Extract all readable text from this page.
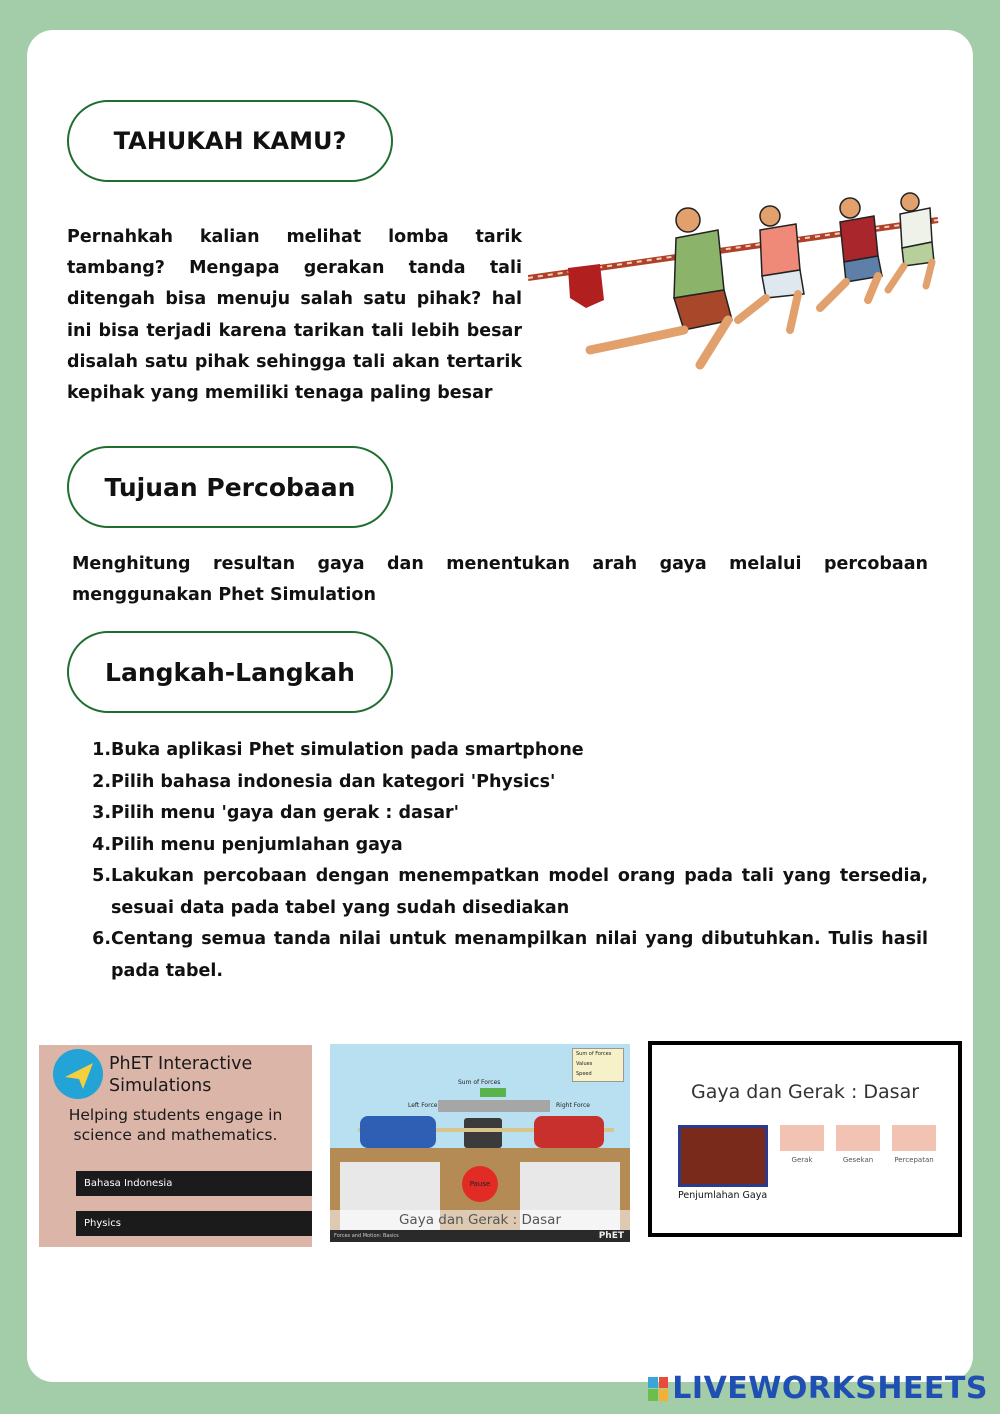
TAHUKAH KAMU?
Pernahkah kalian melihat lomba tarik tambang? Mengapa gerakan tanda tali ditengah bisa menuju salah satu pihak? hal ini bisa terjadi karena tarikan tali lebih besar disalah satu pihak sehingga tali akan tertarik kepihak yang memiliki tenaga paling besar
Tujuan Percobaan
Menghitung resultan gaya dan menentukan arah gaya melalui percobaan menggunakan Phet Simulation
Langkah-Langkah
1. Buka aplikasi Phet simulation pada smartphone
2. Pilih bahasa indonesia dan kategori 'Physics'
3. Pilih menu 'gaya dan gerak : dasar'
4. Pilih menu penjumlahan gaya
5. Lakukan percobaan dengan menempatkan model orang pada tali yang tersedia, sesuai data pada tabel yang sudah disediakan
6. Centang semua tanda nilai untuk menampilkan nilai yang dibutuhkan. Tulis hasil pada tabel.
PhET Interactive
Simulations
Helping students engage in
science and mathematics.
Bahasa Indonesia
Physics
Sum of Forces
Left Force	Right Force
Pause
Gaya dan Gerak : Dasar
Forces and Motion: Basics	PhET
Sum of Forces
Values
Speed
Gaya dan Gerak : Dasar
Penjumlahan Gaya
Gerak	Gesekan	Percepatan
LIVEWORKSHEETS
